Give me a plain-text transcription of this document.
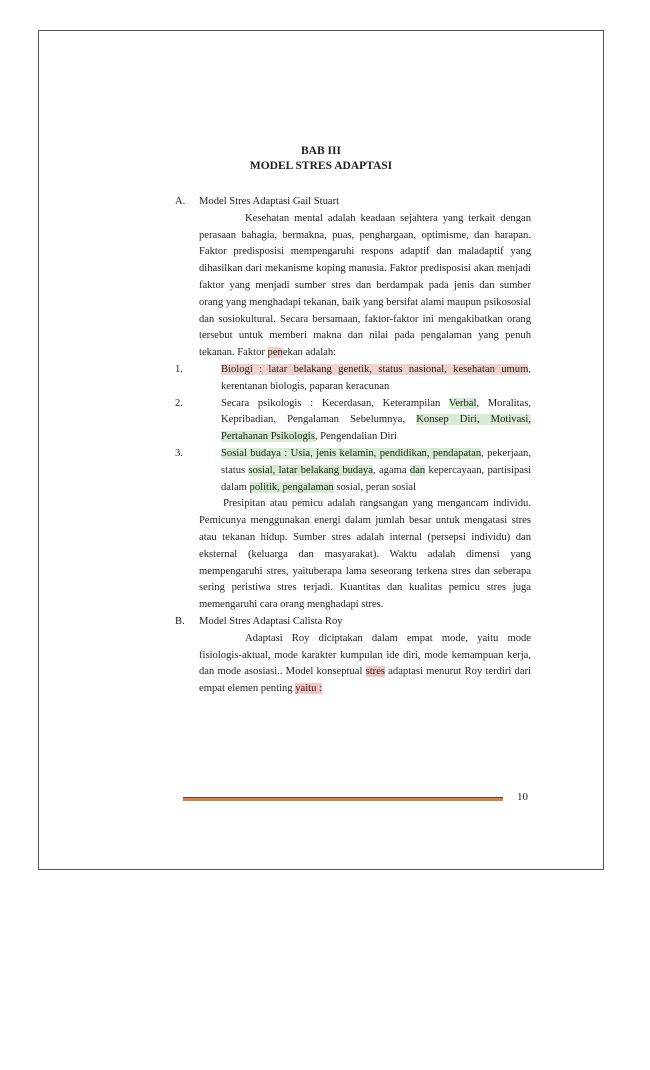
BAB III
MODEL STRES ADAPTASI
A.	Model Stres Adaptasi Gail Stuart
Kesehatan mental adalah keadaan sejahtera yang terkait dengan perasaan bahagia, bermakna, puas, penghargaan, optimisme, dan harapan. Faktor predisposisi mempengaruhi respons adaptif dan maladaptif yang dihasilkan dari mekanisme koping manusia. Faktor predisposisi akan menjadi faktor yang menjadi sumber stres dan berdampak pada jenis dan sumber orang yang menghadapi tekanan, baik yang bersifat alami maupun psikososial dan sosiokultural. Secara bersamaan, faktor-faktor ini mengakibatkan orang tersebut untuk memberi makna dan nilai pada pengalaman yang penuh tekanan. Faktor penekan adalah:
1.	Biologi : latar belakang genetik, status nasional, kesehatan umum, kerentanan biologis, paparan keracunan
2.	Secara psikologis : Kecerdasan, Keterampilan Verbal, Moralitas, Kepribadian, Pengalaman Sebelumnya, Konsep Diri, Motivasi, Pertahanan Psikologis, Pengendalian Diri
3.	Sosial budaya : Usia, jenis kelamin, pendidikan, pendapatan, pekerjaan, status sosial, latar belakang budaya, agama dan kepercayaan, partisipasi dalam politik, pengalaman sosial, peran sosial
Presipitan atau pemicu adalah rangsangan yang mengancam individu. Pemicunya menggunakan energi dalam jumlah besar untuk mengatasi stres atau tekanan hidup. Sumber stres adalah internal (persepsi individu) dan eksternal (keluarga dan masyarakat). Waktu adalah dimensi yang mempengaruhi stres, yaituberapa lama seseorang terkena stres dan seberapa sering peristiwa stres terjadi. Kuantitas dan kualitas pemicu stres juga memengaruhi cara orang menghadapi stres.
B.	Model Stres Adaptasi Calista Roy
Adaptasi Roy diciptakan dalam empat mode, yaitu mode fisiologis-aktual, mode karakter kumpulan ide diri, mode kemampuan kerja, dan mode asosiasi.. Model konseptual stres adaptasi menurut Roy terdiri dari empat elemen penting yaitu :
10
